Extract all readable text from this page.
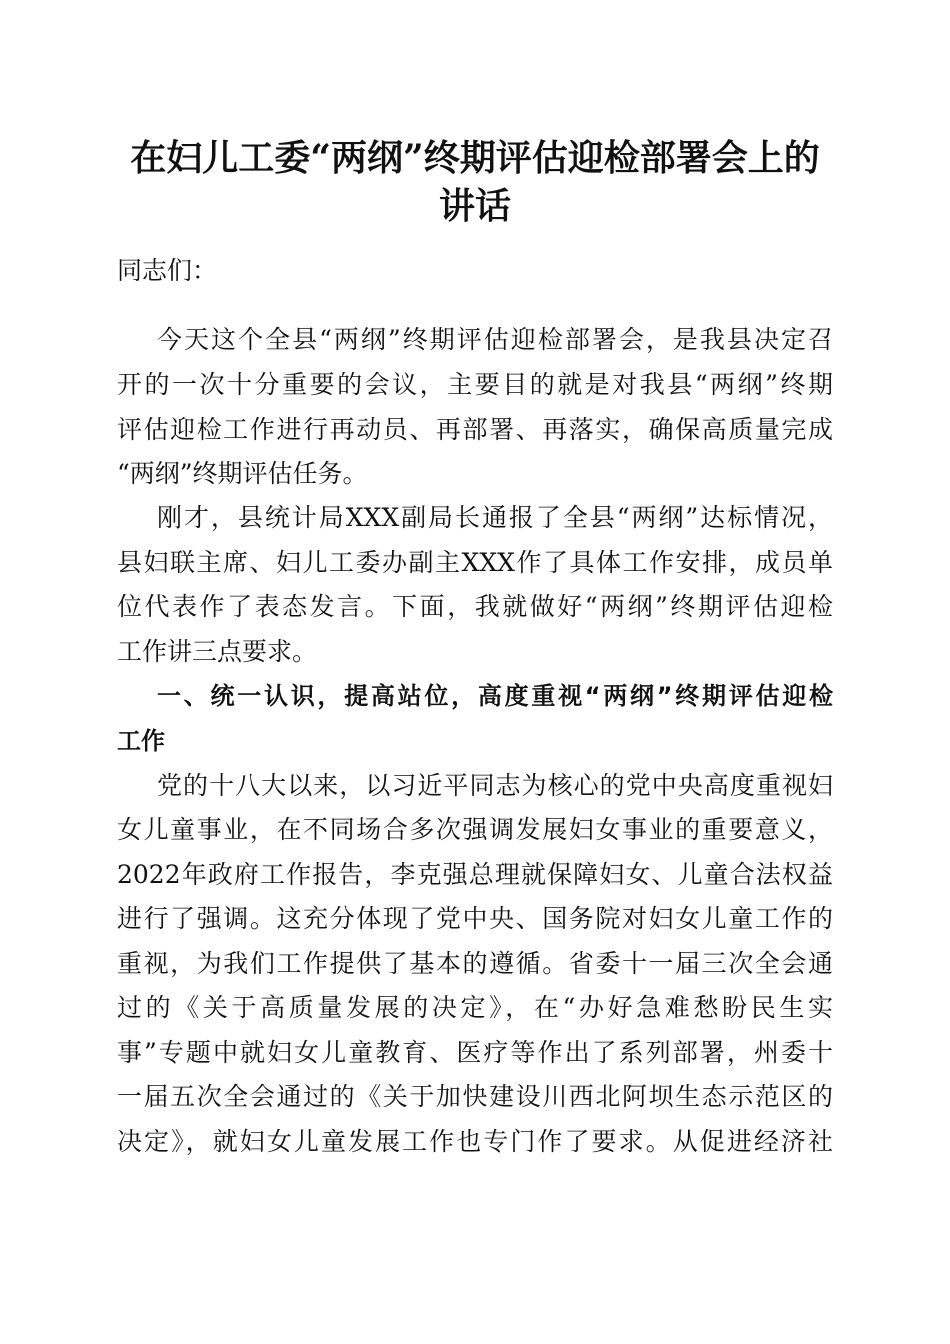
在妇儿工委“两纲”终期评估迎检部署会上的
讲话

同志们：

今天这个全县“两纲”终期评估迎检部署会，是我县决定召

开的一次十分重要的会议，主要目的就是对我县“两纲”终期

评估迎检工作进行再动员、再部署、再落实，确保高质量完成

“两纲”终期评估任务。

刚才，县统计局XXX副局长通报了全县“两纲”达标情况，

县妇联主席、妇儿工委办副主XXX作了具体工作安排，成员单

位代表作了表态发言。下面，我就做好“两纲”终期评估迎检

工作讲三点要求。

一、统一认识，提高站位，高度重视“两纲”终期评估迎检

工作

党的十八大以来，以习近平同志为核心的党中央高度重视妇

女儿童事业，在不同场合多次强调发展妇女事业的重要意义，

2022年政府工作报告，李克强总理就保障妇女、儿童合法权益

进行了强调。这充分体现了党中央、国务院对妇女儿童工作的

重视，为我们工作提供了基本的遵循。省委十一届三次全会通

过的《关于高质量发展的决定》，在“办好急难愁盼民生实

事”专题中就妇女儿童教育、医疗等作出了系列部署，州委十

一届五次全会通过的《关于加快建设川西北阿坝生态示范区的

决定》，就妇女儿童发展工作也专门作了要求。从促进经济社
